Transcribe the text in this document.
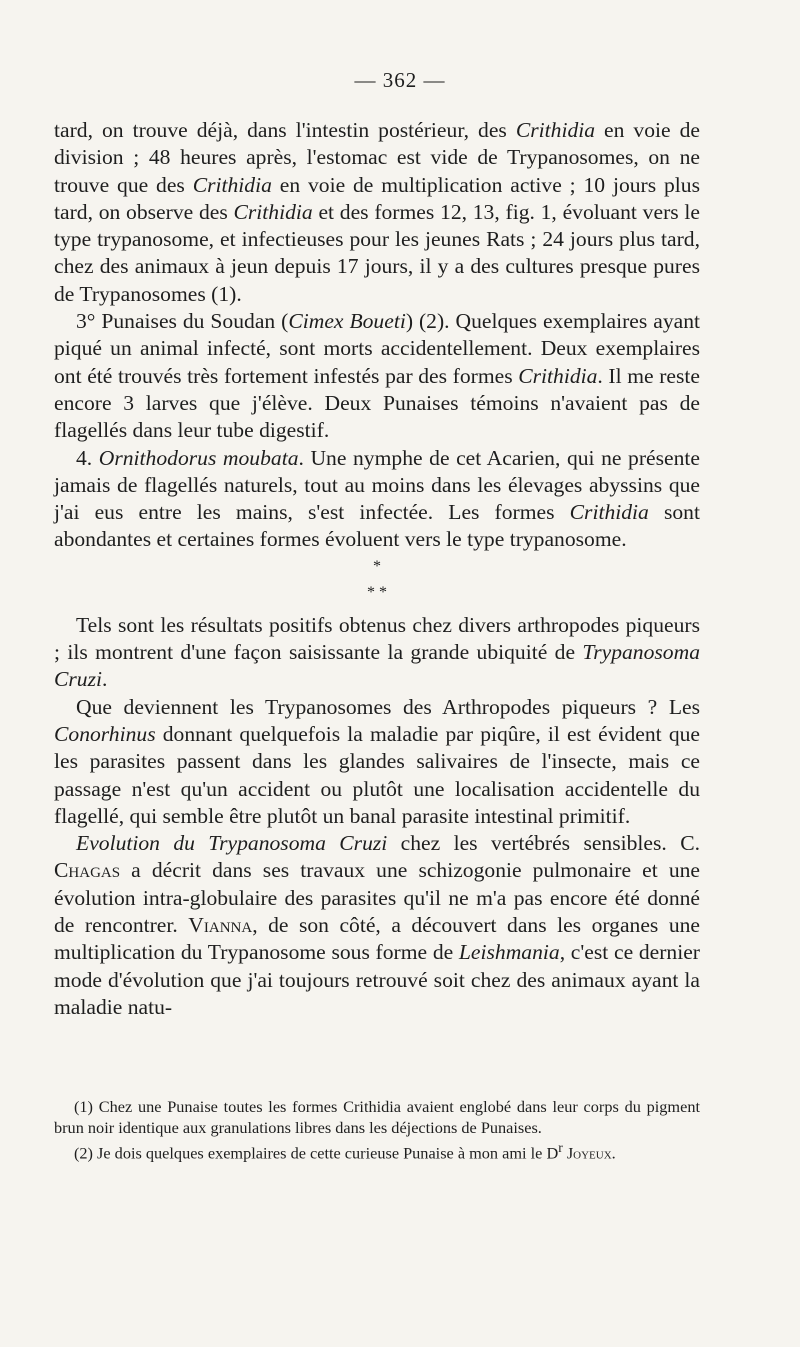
— 362 —

tard, on trouve déjà, dans l'intestin postérieur, des Crithidia en voie de division ; 48 heures après, l'estomac est vide de Trypanosomes, on ne trouve que des Crithidia en voie de multiplication active ; 10 jours plus tard, on observe des Crithidia et des formes 12, 13, fig. 1, évoluant vers le type trypanosome, et infectieuses pour les jeunes Rats ; 24 jours plus tard, chez des animaux à jeun depuis 17 jours, il y a des cultures presque pures de Trypanosomes (1).

3° Punaises du Soudan (Cimex Boueti) (2). Quelques exemplaires ayant piqué un animal infecté, sont morts accidentellement. Deux exemplaires ont été trouvés très fortement infestés par des formes Crithidia. Il me reste encore 3 larves que j'élève. Deux Punaises témoins n'avaient pas de flagellés dans leur tube digestif.

4. Ornithodorus moubata. Une nymphe de cet Acarien, qui ne présente jamais de flagellés naturels, tout au moins dans les élevages abyssins que j'ai eus entre les mains, s'est infectée. Les formes Crithidia sont abondantes et certaines formes évoluent vers le type trypanosome.

*
* *

Tels sont les résultats positifs obtenus chez divers arthropodes piqueurs ; ils montrent d'une façon saisissante la grande ubiquité de Trypanosoma Cruzi.

Que deviennent les Trypanosomes des Arthropodes piqueurs ? Les Conorhinus donnant quelquefois la maladie par piqûre, il est évident que les parasites passent dans les glandes salivaires de l'insecte, mais ce passage n'est qu'un accident ou plutôt une localisation accidentelle du flagellé, qui semble être plutôt un banal parasite intestinal primitif.

Evolution du Trypanosoma Cruzi chez les vertébrés sensibles. C. Chagas a décrit dans ses travaux une schizogonie pulmonaire et une évolution intra-globulaire des parasites qu'il ne m'a pas encore été donné de rencontrer. Vianna, de son côté, a découvert dans les organes une multiplication du Trypanosome sous forme de Leishmania, c'est ce dernier mode d'évolution que j'ai toujours retrouvé soit chez des animaux ayant la maladie natu-

(1) Chez une Punaise toutes les formes Crithidia avaient englobé dans leur corps du pigment brun noir identique aux granulations libres dans les déjections de Punaises.

(2) Je dois quelques exemplaires de cette curieuse Punaise à mon ami le $D^r$ Joyeux.
